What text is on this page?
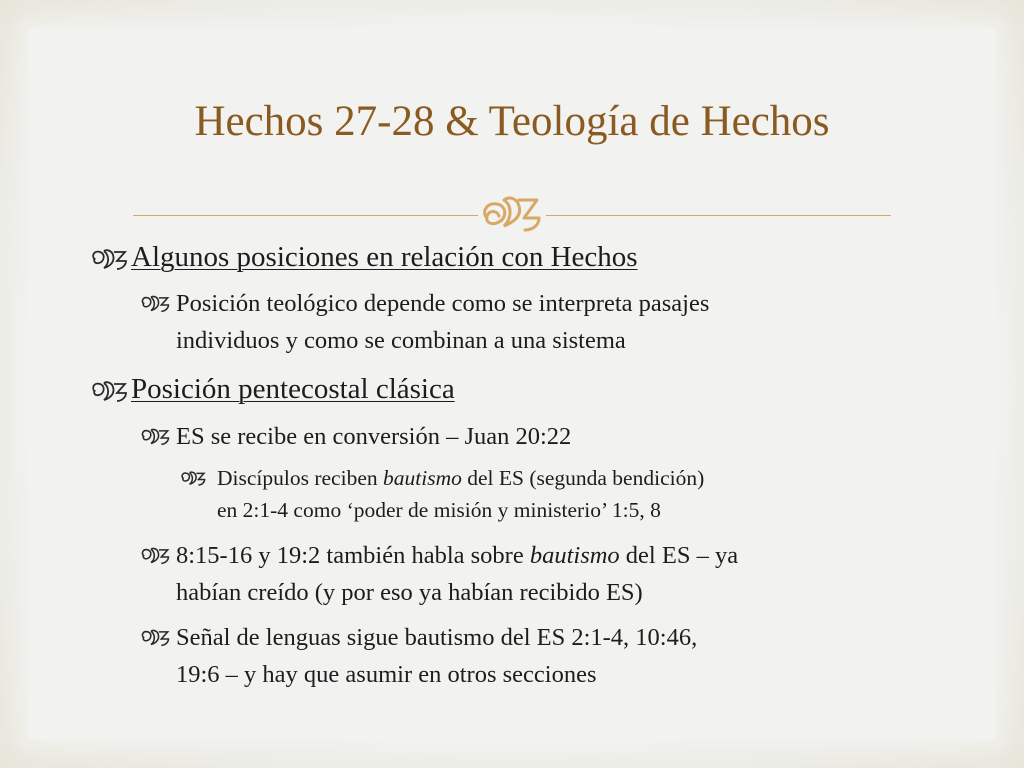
Hechos 27-28 & Teología de Hechos
Algunos posiciones en relación con Hechos
Posición teológico depende como se interpreta pasajes
individuos y como se combinan a una sistema
Posición pentecostal clásica
ES se recibe en conversión – Juan 20:22
Discípulos reciben bautismo del ES (segunda bendición)
en 2:1-4 como ‘poder de misión y ministerio’ 1:5, 8
8:15-16 y 19:2 también habla sobre bautismo del ES – ya
habían creído (y por eso ya habían recibido ES)
Señal de lenguas sigue bautismo del ES 2:1-4, 10:46,
19:6 – y hay que asumir en otros secciones
